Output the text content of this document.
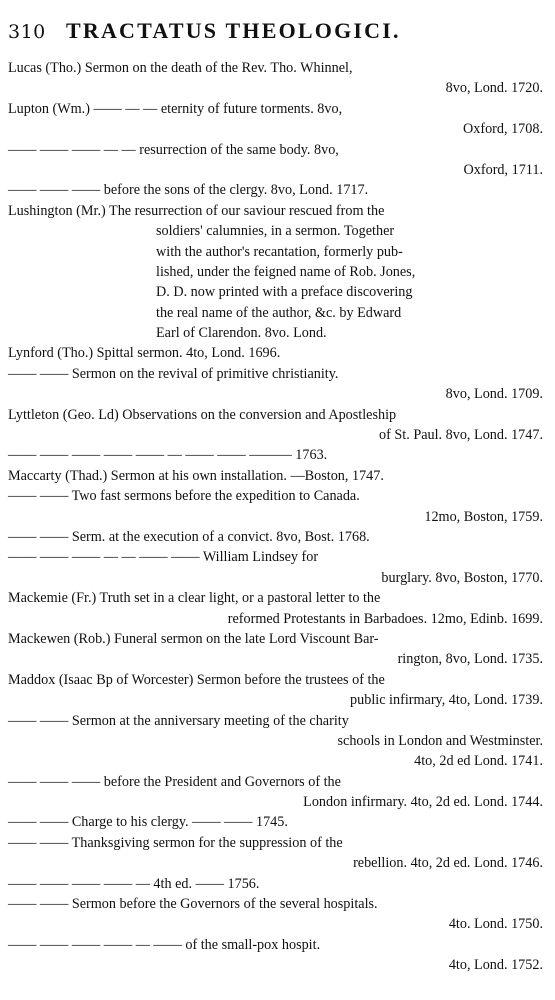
310 TRACTATUS THEOLOGICI.
Lucas (Tho.) Sermon on the death of the Rev. Tho. Whinnel,
8vo, Lond. 1720.
Lupton (Wm.) —— — — eternity of future torments. 8vo,
Oxford, 1708.
—— —— —— — — resurrection of the same body. 8vo,
Oxford, 1711.
—— —— —— before the sons of the clergy. 8vo, Lond. 1717.
Lushington (Mr.) The resurrection of our saviour rescued from the
soldiers' calumnies, in a sermon. Together
with the author's recantation, formerly pub-
lished, under the feigned name of Rob. Jones,
D. D. now printed with a preface discovering
the real name of the author, &c. by Edward
Earl of Clarendon. 8vo. Lond.
Lynford (Tho.) Spittal sermon. 4to, Lond. 1696.
—— —— Sermon on the revival of primitive christianity.
8vo, Lond. 1709.
Lyttleton (Geo. Ld) Observations on the conversion and Apostleship
of St. Paul. 8vo, Lond. 1747.
—— —— —— —— —— — —— —— ——— 1763.
Maccarty (Thad.) Sermon at his own installation. —Boston, 1747.
—— —— Two fast sermons before the expedition to Canada.
12mo, Boston, 1759.
—— —— Serm. at the execution of a convict. 8vo, Bost. 1768.
—— —— —— — — —— —— William Lindsey for
burglary. 8vo, Boston, 1770.
Mackemie (Fr.) Truth set in a clear light, or a pastoral letter to the
reformed Protestants in Barbadoes. 12mo, Edinb. 1699.
Mackewen (Rob.) Funeral sermon on the late Lord Viscount Bar-
rington, 8vo, Lond. 1735.
Maddox (Isaac Bp of Worcester) Sermon before the trustees of the
public infirmary, 4to, Lond. 1739.
—— —— Sermon at the anniversary meeting of the charity
schools in London and Westminster.
4to, 2d ed Lond. 1741.
—— —— —— before the President and Governors of the
London infirmary. 4to, 2d ed. Lond. 1744.
—— —— Charge to his clergy. —— —— 1745.
—— —— Thanksgiving sermon for the suppression of the
rebellion. 4to, 2d ed. Lond. 1746.
—— —— —— —— — 4th ed. —— 1756.
—— —— Sermon before the Governors of the several hospitals.
4to. Lond. 1750.
—— —— —— —— — —— of the small-pox hospit.
4to, Lond. 1752.
